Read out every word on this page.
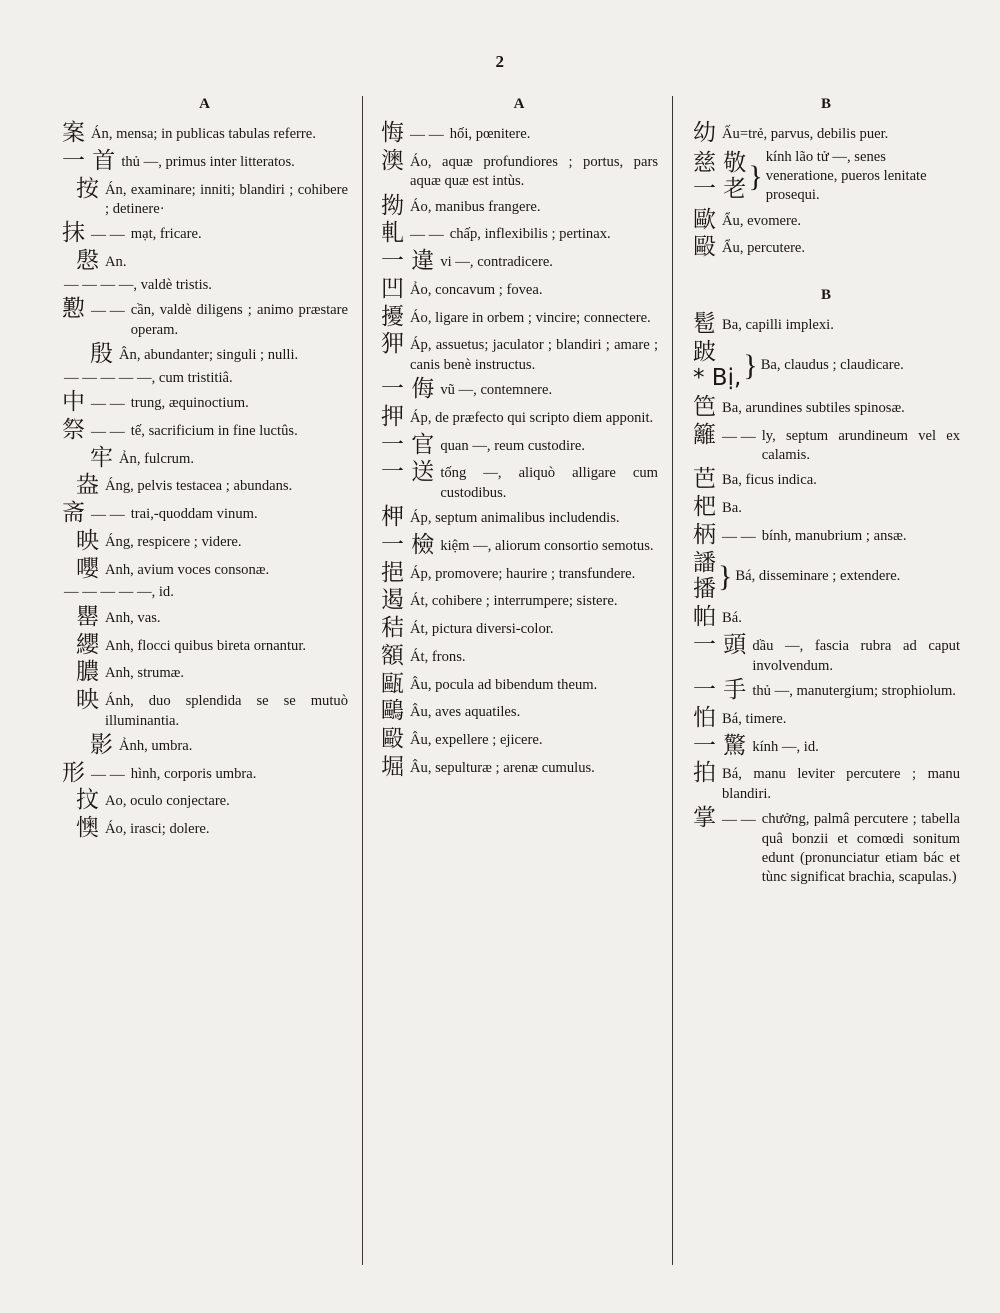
2
A
案 Án, mensa; in publicas tabulas referre.
一 首 thủ —, primus inter litteratos.
按 Án, examinare; inniti; blandiri ; cohibere ; detinere·
抹 — — mạt, fricare.
慇 An.
— — — —, valdè tristis.
懃 — — cần, valdè diligens ; animo præstare operam.
殷 Ân, abundanter; singuli ; nulli.
— — — — —, cum tristitiâ.
中 — — trung, æquinoctium.
祭 — — tế, sacrificium in fine luctûs.
牢 Ản, fulcrum.
盎 Áng, pelvis testacea ; abundans.
斋 — — trai,-quoddam vinum.
映 Áng, respicere ; videre.
嚶 Anh, avium voces consonæ.
— — — — —, id.
罌 Anh, vas.
纓 Anh, flocci quibus bireta ornantur.
膿 Anh, strumæ.
映 Ánh, duo splendida se se mutuò illuminantia.
影 Ảnh, umbra.
形 — — hình, corporis umbra.
抆 Ao, oculo conjectare.
懊 Áo, irasci; dolere.
A
悔 — — hối, pœnitere.
澳 Áo, aquæ profundiores ; portus, pars aquæ quæ est intùs.
拗 Áo, manibus frangere.
軋 — — chấp, inflexibilis ; pertinax.
一 違 vi —, contradicere.
凹 Ảo, concavum ; fovea.
擾 Áo, ligare in orbem ; vincire; connectere.
狎 Áp, assuetus; jaculator ; blandiri ; amare ; canis benè instructus.
一 侮 vũ —, contemnere.
押 Áp, de præfecto qui scripto diem apponit.
一 官 quan —, reum custodire.
一 送 tống —, aliquò alligare cum custodibus.
柙 Áp, septum animalibus includendis.
一 檢 kiệm —, aliorum consortio semotus.
挹 Áp, promovere; haurire ; transfundere.
遏 Át, cohibere ; interrumpere; sistere.
秸 Át, pictura diversi-color.
額 Át, frons.
甌 Âu, pocula ad bibendum theum.
鷗 Âu, aves aquatiles.
毆 Âu, expellere ; ejicere.
堀 Âu, sepulturæ ; arenæ cumulus.
B
幼 Ấu=trẻ, parvus, debilis puer.
慈 敬
一 老 }
kính lão tử —, senes veneratione, pueros lenitate prosequi.
歐 Ẩu, evomere.
毆 Ẩu, percutere.
B
髱 Ba, capilli implexi.
跛
* Bị, } Ba, claudus ; claudicare.
笆 Ba, arundines subtiles spinosæ.
籬 — — ly, septum arundineum vel ex calamis.
芭 Ba, ficus indica.
杷 Ba.
柄 — — bính, manubrium ; ansæ.
譒
播 } Bá, disseminare ; extendere.
帕 Bá.
一 頭 dầu —, fascia rubra ad caput involvendum.
一 手 thủ —, manutergium; strophiolum.
怕 Bá, timere.
一 驚 kính —, id.
拍 Bá, manu leviter percutere ; manu blandiri.
掌 — — chưởng, palmâ percutere ; tabella quâ bonzii et comœdi sonitum edunt (pronunciatur etiam bác et tùnc significat brachia, scapulas.)
